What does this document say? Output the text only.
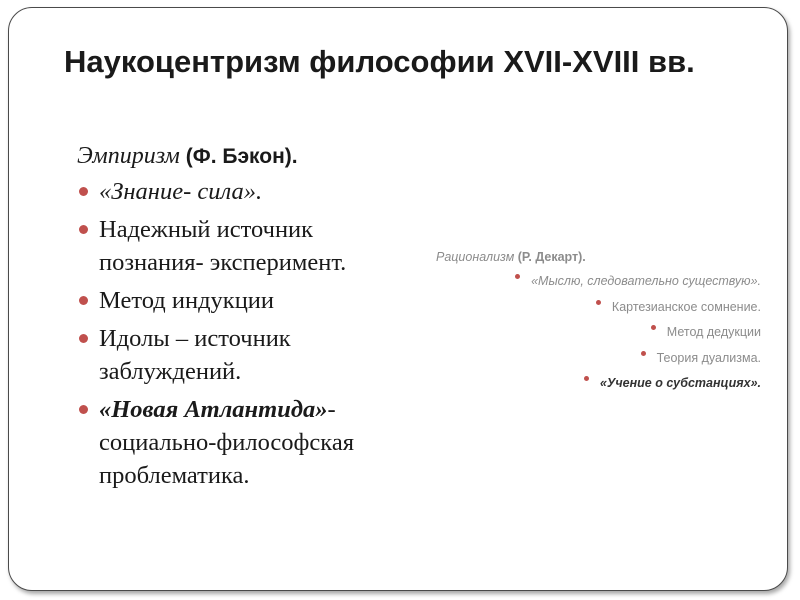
Наукоцентризм философии XVII-XVIII вв.

Эмпиризм (Ф. Бэкон).

«Знание- сила».
Надежный источник познания- эксперимент.
Метод индукции
Идолы – источник заблуждений.
«Новая Атлантида»- социально-философская проблематика.

Рационализм (Р. Декарт).

«Мыслю, следовательно существую».
Картезианское сомнение.
Метод дедукции
Теория дуализма.
«Учение о субстанциях».
